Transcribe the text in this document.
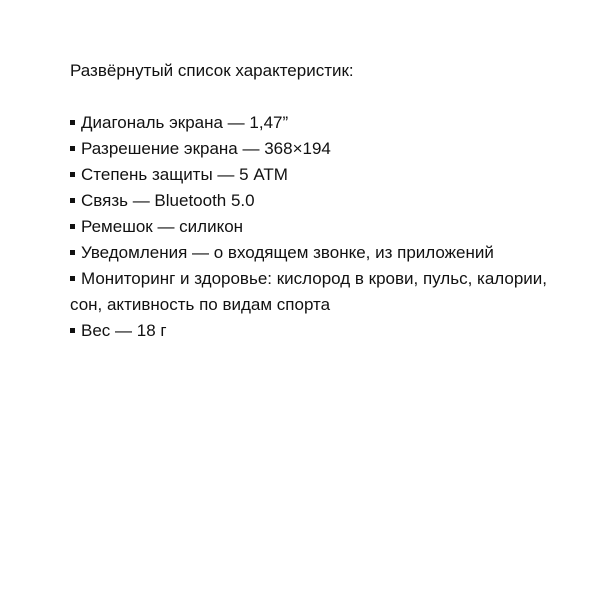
Развёрнутый список характеристик:

Диагональ экрана — 1,47”
Разрешение экрана — 368×194
Степень защиты — 5 ATM
Связь — Bluetooth 5.0
Ремешок — силикон
Уведомления — о входящем звонке, из приложений
Мониторинг и здоровье: кислород в крови, пульс, калории, сон, активность по видам спорта
Вес — 18 г
